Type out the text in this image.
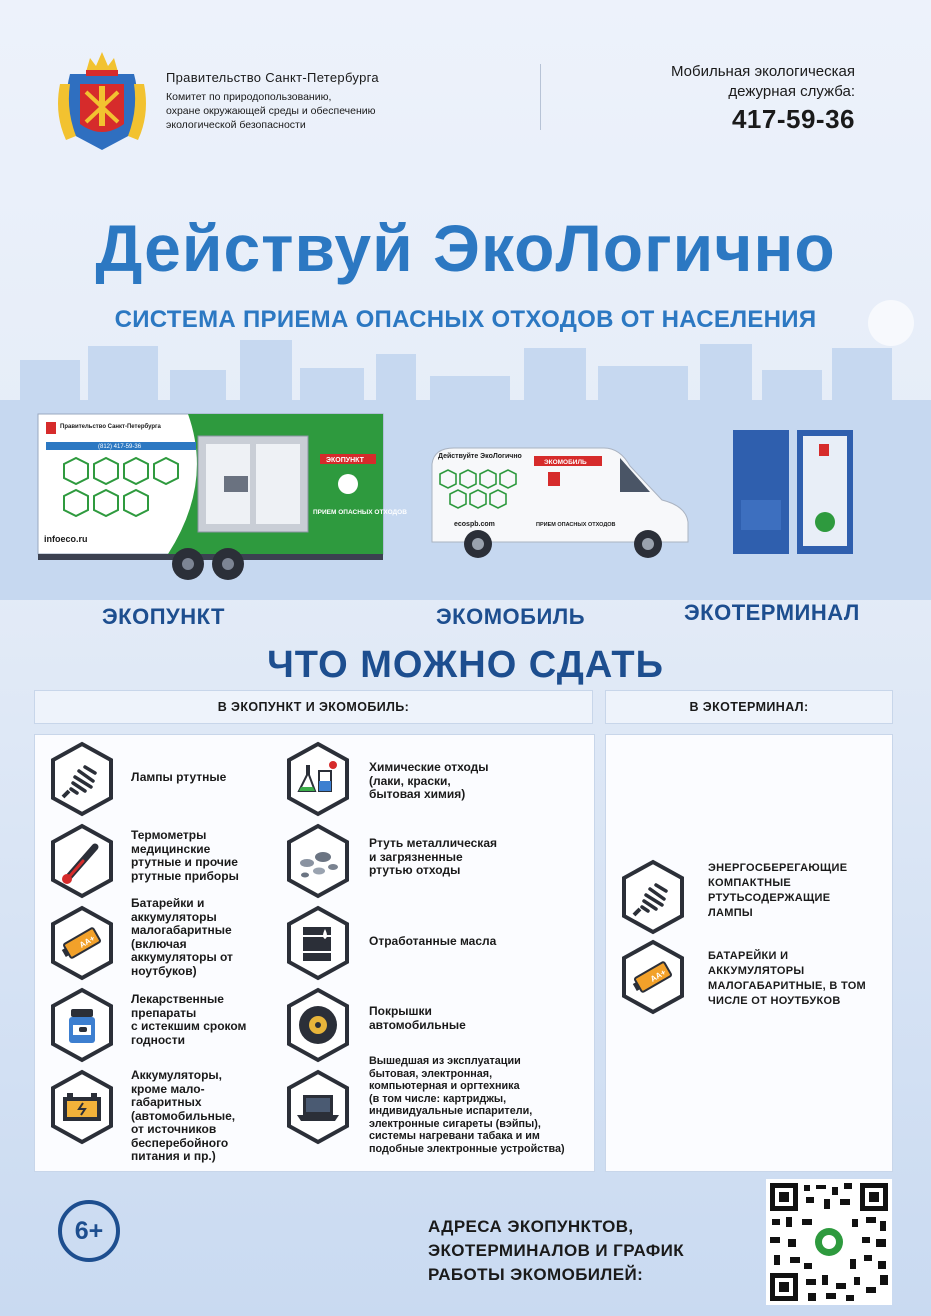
Правительство Санкт-Петербурга
Комитет по природопользованию,
охране окружающей среды и обеспечению
экологической безопасности
Мобильная экологическая
дежурная служба:
417-59-36
Действуй ЭкоЛогично
СИСТЕМА ПРИЕМА ОПАСНЫХ ОТХОДОВ ОТ НАСЕЛЕНИЯ
Правительство Санкт-Петербурга
(812) 417-59-36
infoeco.ru
ЭКОПУНКТ
ПРИЕМ ОПАСНЫХ ОТХОДОВ
Действуйте ЭкоЛогично
ecospb.com
ЭКОМОБИЛЬ
ПРИЕМ ОПАСНЫХ ОТХОДОВ
ЭКОПУНКТ	ЭКОМОБИЛЬ	ЭКОТЕРМИНАЛ
ЧТО МОЖНО СДАТЬ
В ЭКОПУНКТ И ЭКОМОБИЛЬ:	В ЭКОТЕРМИНАЛ:
Лампы ртутные
Термометры
медицинские
ртутные и прочие
ртутные приборы
AA+
Батарейки и
аккумуляторы
малогабаритные
(включая
аккумуляторы от
ноутбуков)
Лекарственные
препараты
с истекшим сроком
годности
Аккумуляторы,
кроме мало-
габаритных
(автомобильные,
от источников
бесперебойного
питания и пр.)
Химические отходы
(лаки, краски,
бытовая химия)
Ртуть металлическая
и загрязненные
ртутью отходы
Отработанные масла
Покрышки
автомобильные
Вышедшая из эксплуатации
бытовая, электронная,
компьютерная и оргтехника
(в том числе: картриджы,
индивидуальные испарители,
электронные сигареты (вэйпы),
системы нагревани табака и им
подобные электронные устройства)
ЭНЕРГОСБЕРЕГАЮЩИЕ
КОМПАКТНЫЕ
РТУТЬСОДЕРЖАЩИЕ
ЛАМПЫ
AA+
БАТАРЕЙКИ И
АККУМУЛЯТОРЫ
МАЛОГАБАРИТНЫЕ, В ТОМ
ЧИСЛЕ ОТ НОУТБУКОВ
6+	АДРЕСА ЭКОПУНКТОВ,
ЭКОТЕРМИНАЛОВ И ГРАФИК
РАБОТЫ ЭКОМОБИЛЕЙ:
